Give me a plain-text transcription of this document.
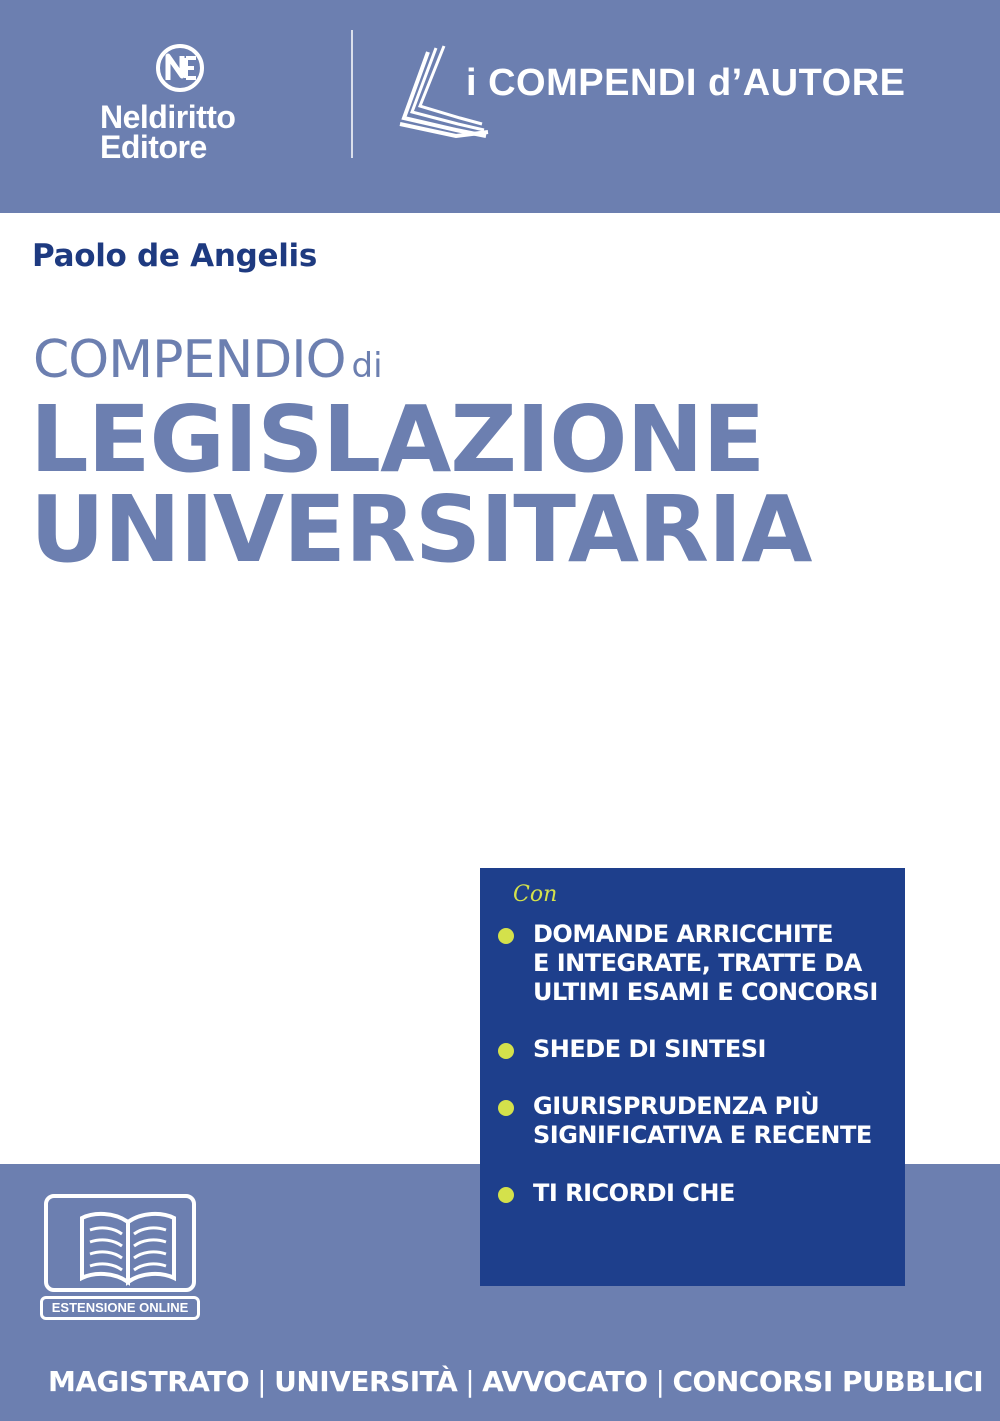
Neldiritto
Editore
i COMPENDI d’AUTORE
Paolo de Angelis
COMPENDIO di
LEGISLAZIONE
UNIVERSITARIA
ESTENSIONE ONLINE
MAGISTRATO | UNIVERSITÀ | AVVOCATO | CONCORSI PUBBLICI
Con
DOMANDE ARRICCHITE
E INTEGRATE, TRATTE DA
ULTIMI ESAMI E CONCORSI
SHEDE DI SINTESI
GIURISPRUDENZA PIÙ
SIGNIFICATIVA E RECENTE
TI RICORDI CHE
